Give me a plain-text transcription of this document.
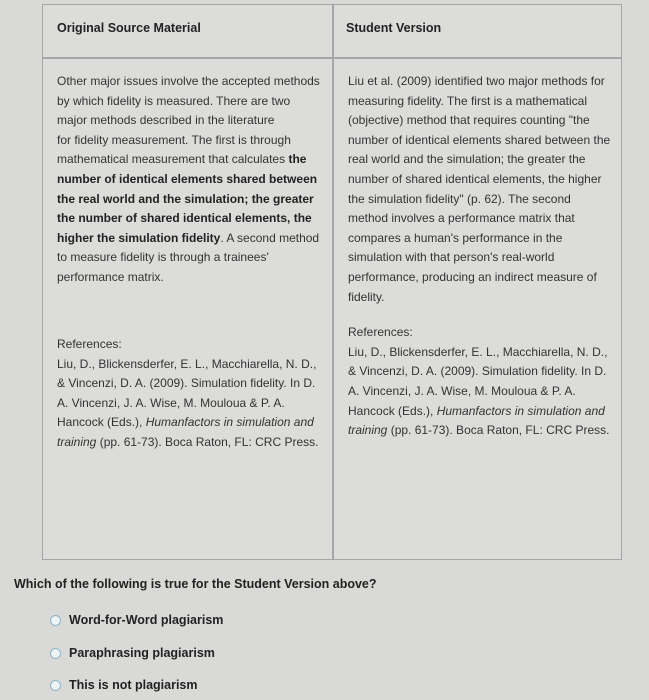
Original Source Material

Other major issues involve the accepted methods by which fidelity is measured. There are two major methods described in the literature
for fidelity measurement. The first is through mathematical measurement that calculates the number of identical elements shared between the real world and the simulation; the greater the number of shared identical elements, the higher the simulation fidelity. A second method to measure fidelity is through a trainees' performance matrix.

References:
Liu, D., Blickensderfer, E. L., Macchiarella, N. D., & Vincenzi, D. A. (2009). Simulation fidelity. In D. A. Vincenzi, J. A. Wise, M. Mouloua & P. A. Hancock (Eds.), Humanfactors in simulation and training (pp. 61-73). Boca Raton, FL: CRC Press.
Student Version

Liu et al. (2009) identified two major methods for measuring fidelity. The first is a mathematical (objective) method that requires counting "the number of identical elements shared between the real world and the simulation; the greater the number of shared identical elements, the higher the simulation fidelity" (p. 62). The second method involves a performance matrix that compares a human's performance in the simulation with that person's real-world performance, producing an indirect measure of fidelity.

References:
Liu, D., Blickensderfer, E. L., Macchiarella, N. D., & Vincenzi, D. A. (2009). Simulation fidelity. In D. A. Vincenzi, J. A. Wise, M. Mouloua & P. A. Hancock (Eds.), Humanfactors in simulation and training (pp. 61-73). Boca Raton, FL: CRC Press.
Which of the following is true for the Student Version above?
Word-for-Word plagiarism
Paraphrasing plagiarism
This is not plagiarism
